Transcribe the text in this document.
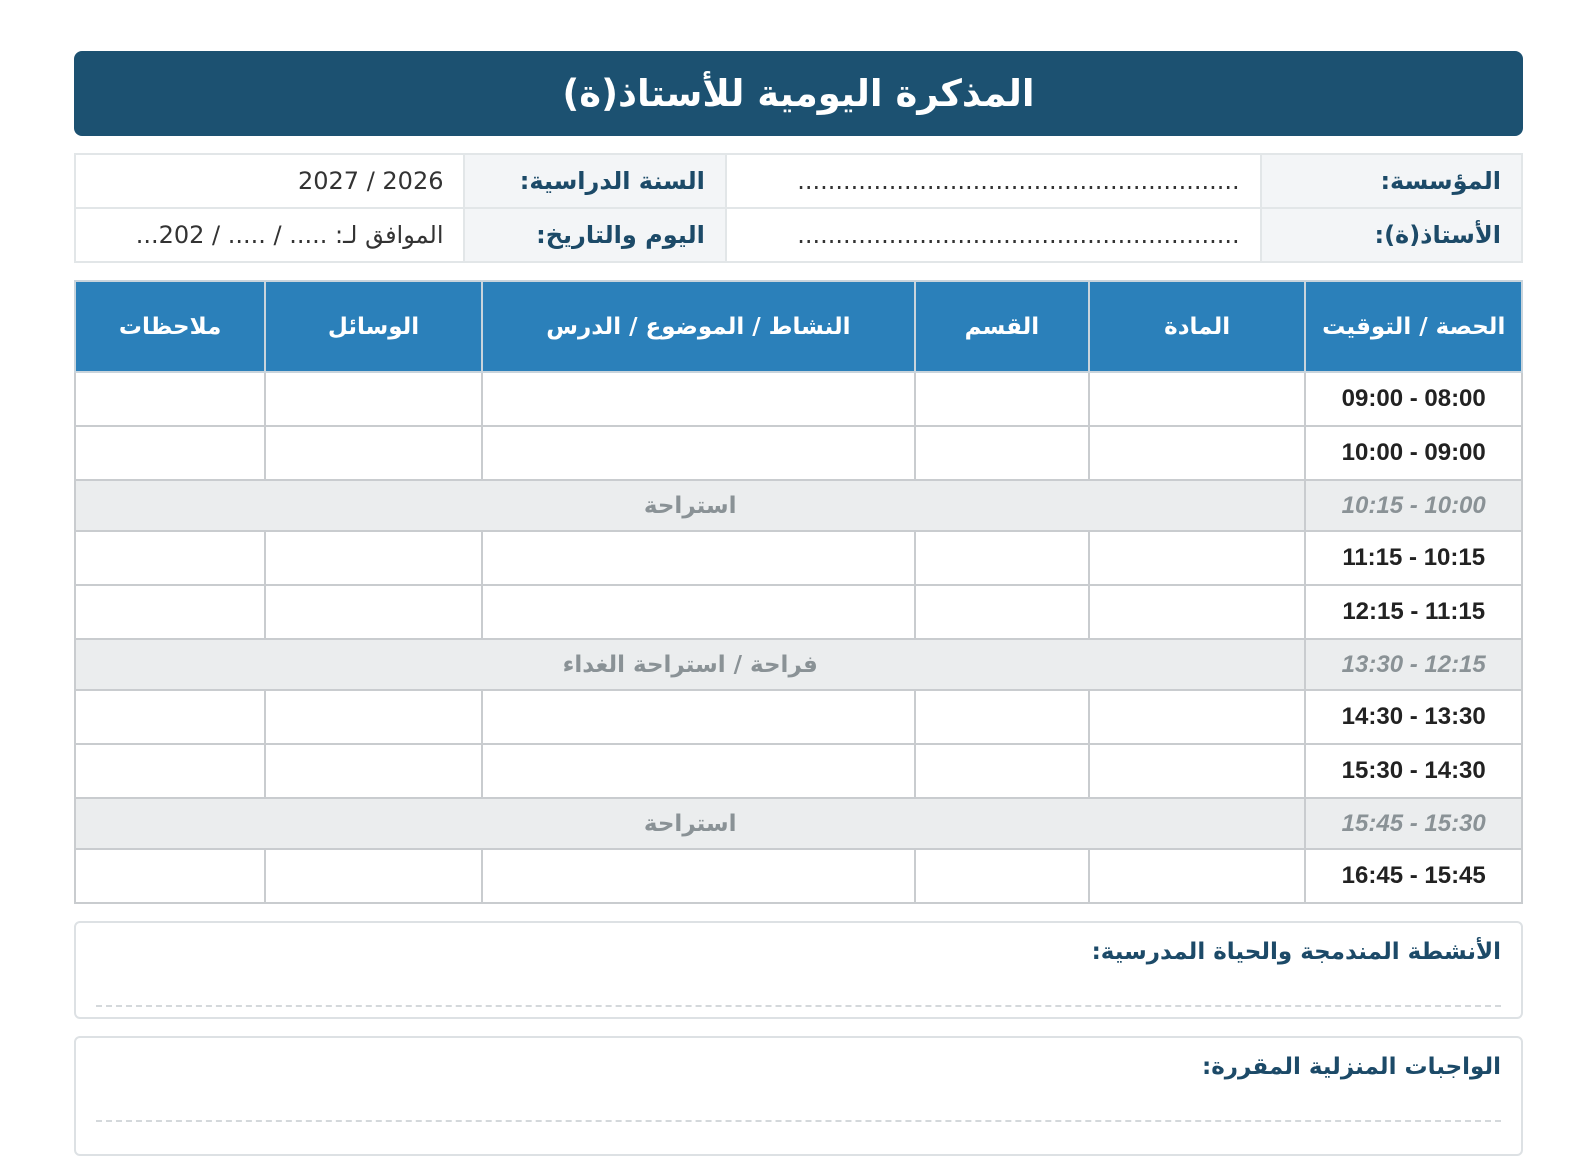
المذكرة اليومية للأستاذ(ة)
المؤسسة:	..........................................................	السنة الدراسية:	2026 / 2027
الأستاذ(ة):	..........................................................	اليوم والتاريخ:	الموافق لـ: ..... / ..... / 202...
الحصة / التوقيت	المادة	القسم	النشاط / الموضوع / الدرس	الوسائل	ملاحظات
09:00 - 08:00					
10:00 - 09:00					
10:15 - 10:00	استراحة				
11:15 - 10:15					
12:15 - 11:15					
13:30 - 12:15	فراحة / استراحة الغداء				
14:30 - 13:30					
15:30 - 14:30					
15:45 - 15:30	استراحة				
16:45 - 15:45					
الأنشطة المندمجة والحياة المدرسية:
الواجبات المنزلية المقررة:
